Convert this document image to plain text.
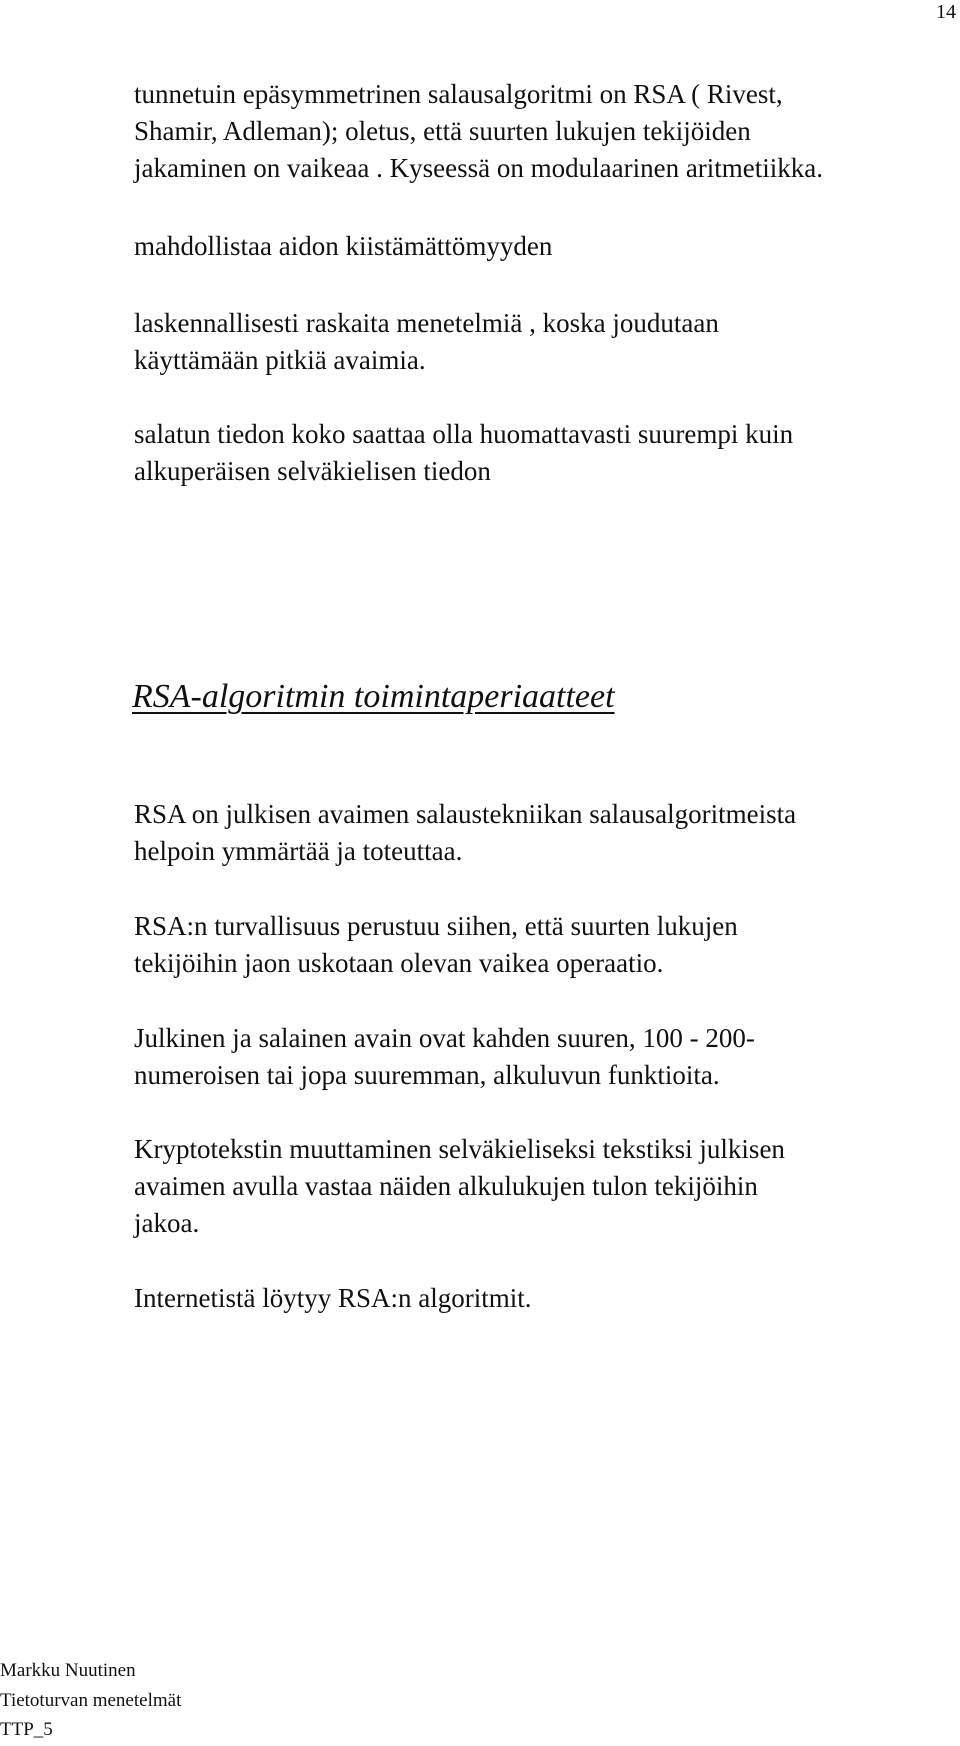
14
tunnetuin epäsymmetrinen salausalgoritmi on RSA ( Rivest,
Shamir, Adleman); oletus, että suurten lukujen tekijöiden
jakaminen on vaikeaa . Kyseessä on modulaarinen aritmetiikka.
mahdollistaa aidon kiistämättömyyden
laskennallisesti raskaita menetelmiä , koska joudutaan
käyttämään pitkiä avaimia.
salatun tiedon koko saattaa olla huomattavasti suurempi kuin
alkuperäisen selväkielisen tiedon
RSA-algoritmin toimintaperiaatteet
RSA on julkisen avaimen salaustekniikan salausalgoritmeista
helpoin ymmärtää ja toteuttaa.
RSA:n turvallisuus perustuu siihen, että suurten lukujen
tekijöihin jaon uskotaan olevan vaikea operaatio.
Julkinen ja salainen avain ovat kahden suuren, 100 - 200-
numeroisen tai jopa suuremman, alkuluvun funktioita.
Kryptotekstin muuttaminen selväkieliseksi tekstiksi julkisen
avaimen avulla vastaa näiden alkulukujen tulon tekijöihin
jakoa.
Internetistä löytyy RSA:n algoritmit.
Markku Nuutinen
Tietoturvan menetelmät
TTP_5
